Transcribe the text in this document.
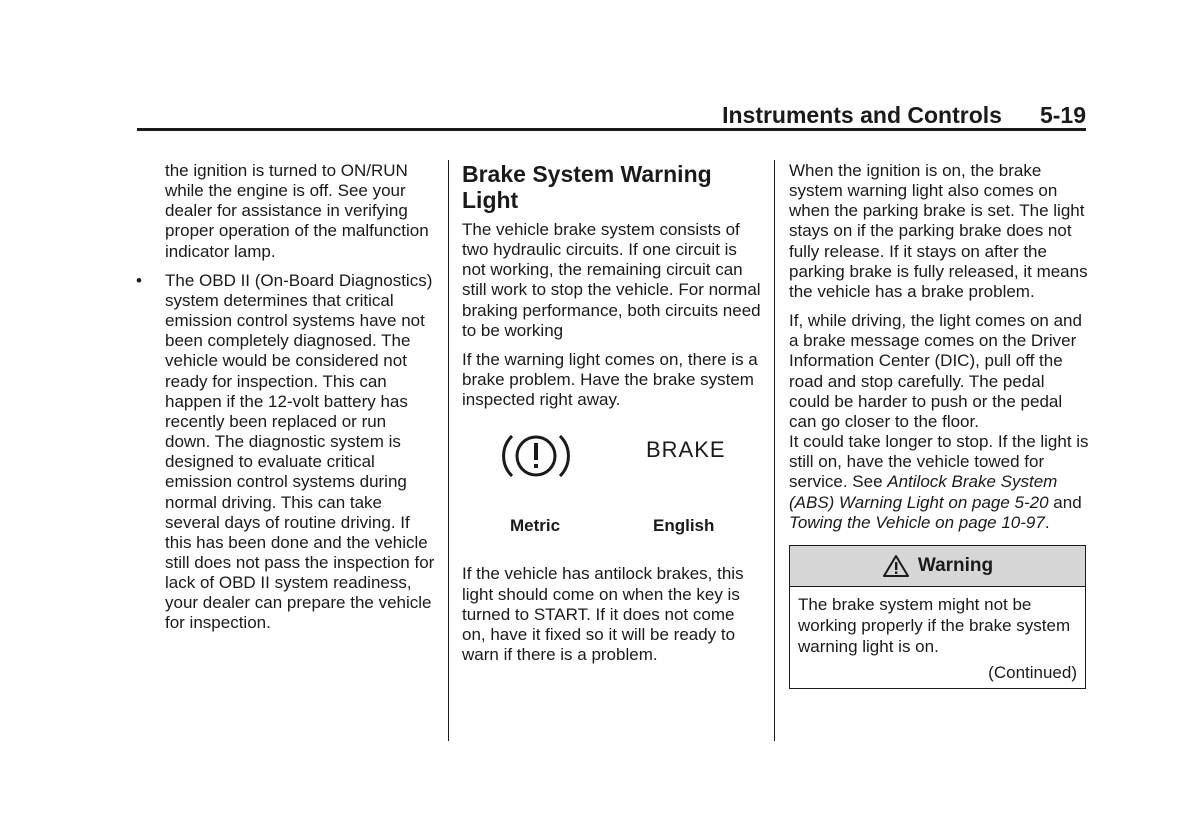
Instruments and Controls 5-19

the ignition is turned to ON/RUN while the engine is off. See your dealer for assistance in verifying proper operation of the malfunction indicator lamp.

The OBD II (On-Board Diagnostics) system determines that critical emission control systems have not been completely diagnosed. The vehicle would be considered not ready for inspection. This can happen if the 12-volt battery has recently been replaced or run down. The diagnostic system is designed to evaluate critical emission control systems during normal driving. This can take several days of routine driving. If this has been done and the vehicle still does not pass the inspection for lack of OBD II system readiness, your dealer can prepare the vehicle for inspection.

•
Brake System Warning Light

The vehicle brake system consists of two hydraulic circuits. If one circuit is not working, the remaining circuit can still work to stop the vehicle. For normal braking performance, both circuits need to be working

If the warning light comes on, there is a brake problem. Have the brake system inspected right away.

BRAKE
Metric	English

If the vehicle has antilock brakes, this light should come on when the key is turned to START. If it does not come on, have it fixed so it will be ready to warn if there is a problem.

When the ignition is on, the brake system warning light also comes on when the parking brake is set. The light stays on if the parking brake does not fully release. If it stays on after the parking brake is fully released, it means the vehicle has a brake problem.

If, while driving, the light comes on and a brake message comes on the Driver Information Center (DIC), pull off the road and stop carefully. The pedal could be harder to push or the pedal can go closer to the floor.

It could take longer to stop. If the light is still on, have the vehicle towed for service. See Antilock Brake System (ABS) Warning Light on page 5-20 and Towing the Vehicle on page 10-97.

Warning
The brake system might not be working properly if the brake system warning light is on.
(Continued)
